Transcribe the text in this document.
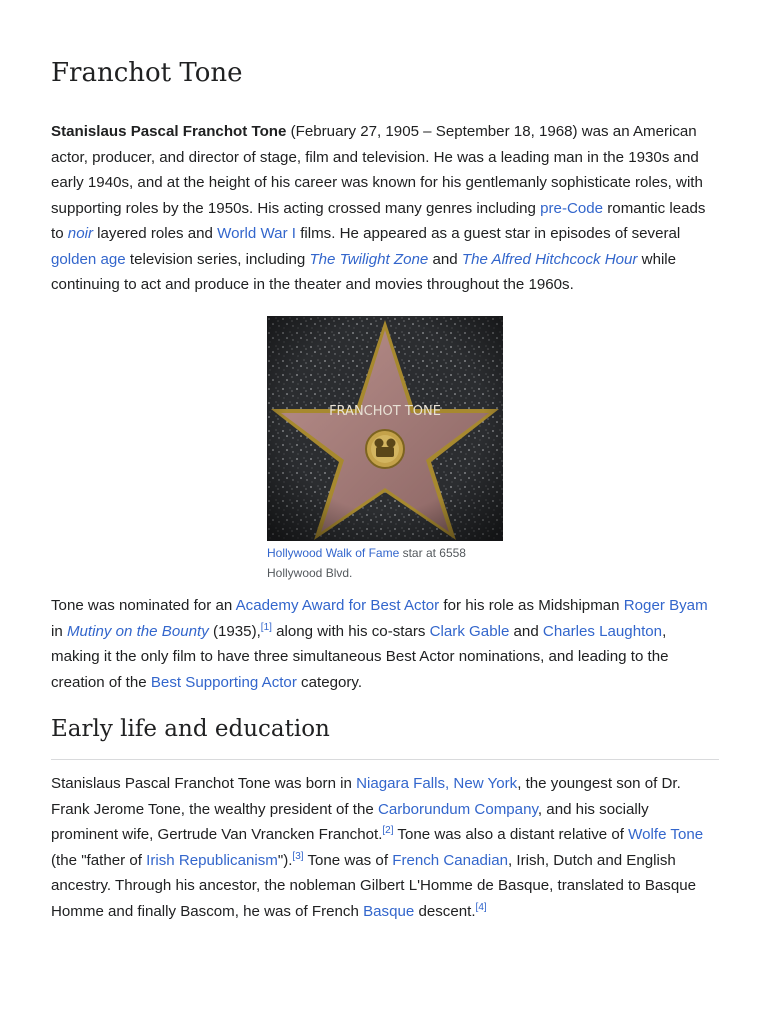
Franchot Tone

Stanislaus Pascal Franchot Tone (February 27, 1905 – September 18, 1968) was an American actor, producer, and director of stage, film and television. He was a leading man in the 1930s and early 1940s, and at the height of his career was known for his gentlemanly sophisticate roles, with supporting roles by the 1950s. His acting crossed many genres including pre-Code romantic leads to noir layered roles and World War I films. He appeared as a guest star in episodes of several golden age television series, including The Twilight Zone and The Alfred Hitchcock Hour while continuing to act and produce in the theater and movies throughout the 1960s.

Hollywood Walk of Fame star at 6558 Hollywood Blvd.

Tone was nominated for an Academy Award for Best Actor for his role as Midshipman Roger Byam in Mutiny on the Bounty (1935),[1] along with his co-stars Clark Gable and Charles Laughton, making it the only film to have three simultaneous Best Actor nominations, and leading to the creation of the Best Supporting Actor category.

Early life and education

Stanislaus Pascal Franchot Tone was born in Niagara Falls, New York, the youngest son of Dr. Frank Jerome Tone, the wealthy president of the Carborundum Company, and his socially prominent wife, Gertrude Van Vrancken Franchot.[2] Tone was also a distant relative of Wolfe Tone (the "father of Irish Republicanism").[3] Tone was of French Canadian, Irish, Dutch and English ancestry. Through his ancestor, the nobleman Gilbert L'Homme de Basque, translated to Basque Homme and finally Bascom, he was of French Basque descent.[4]
